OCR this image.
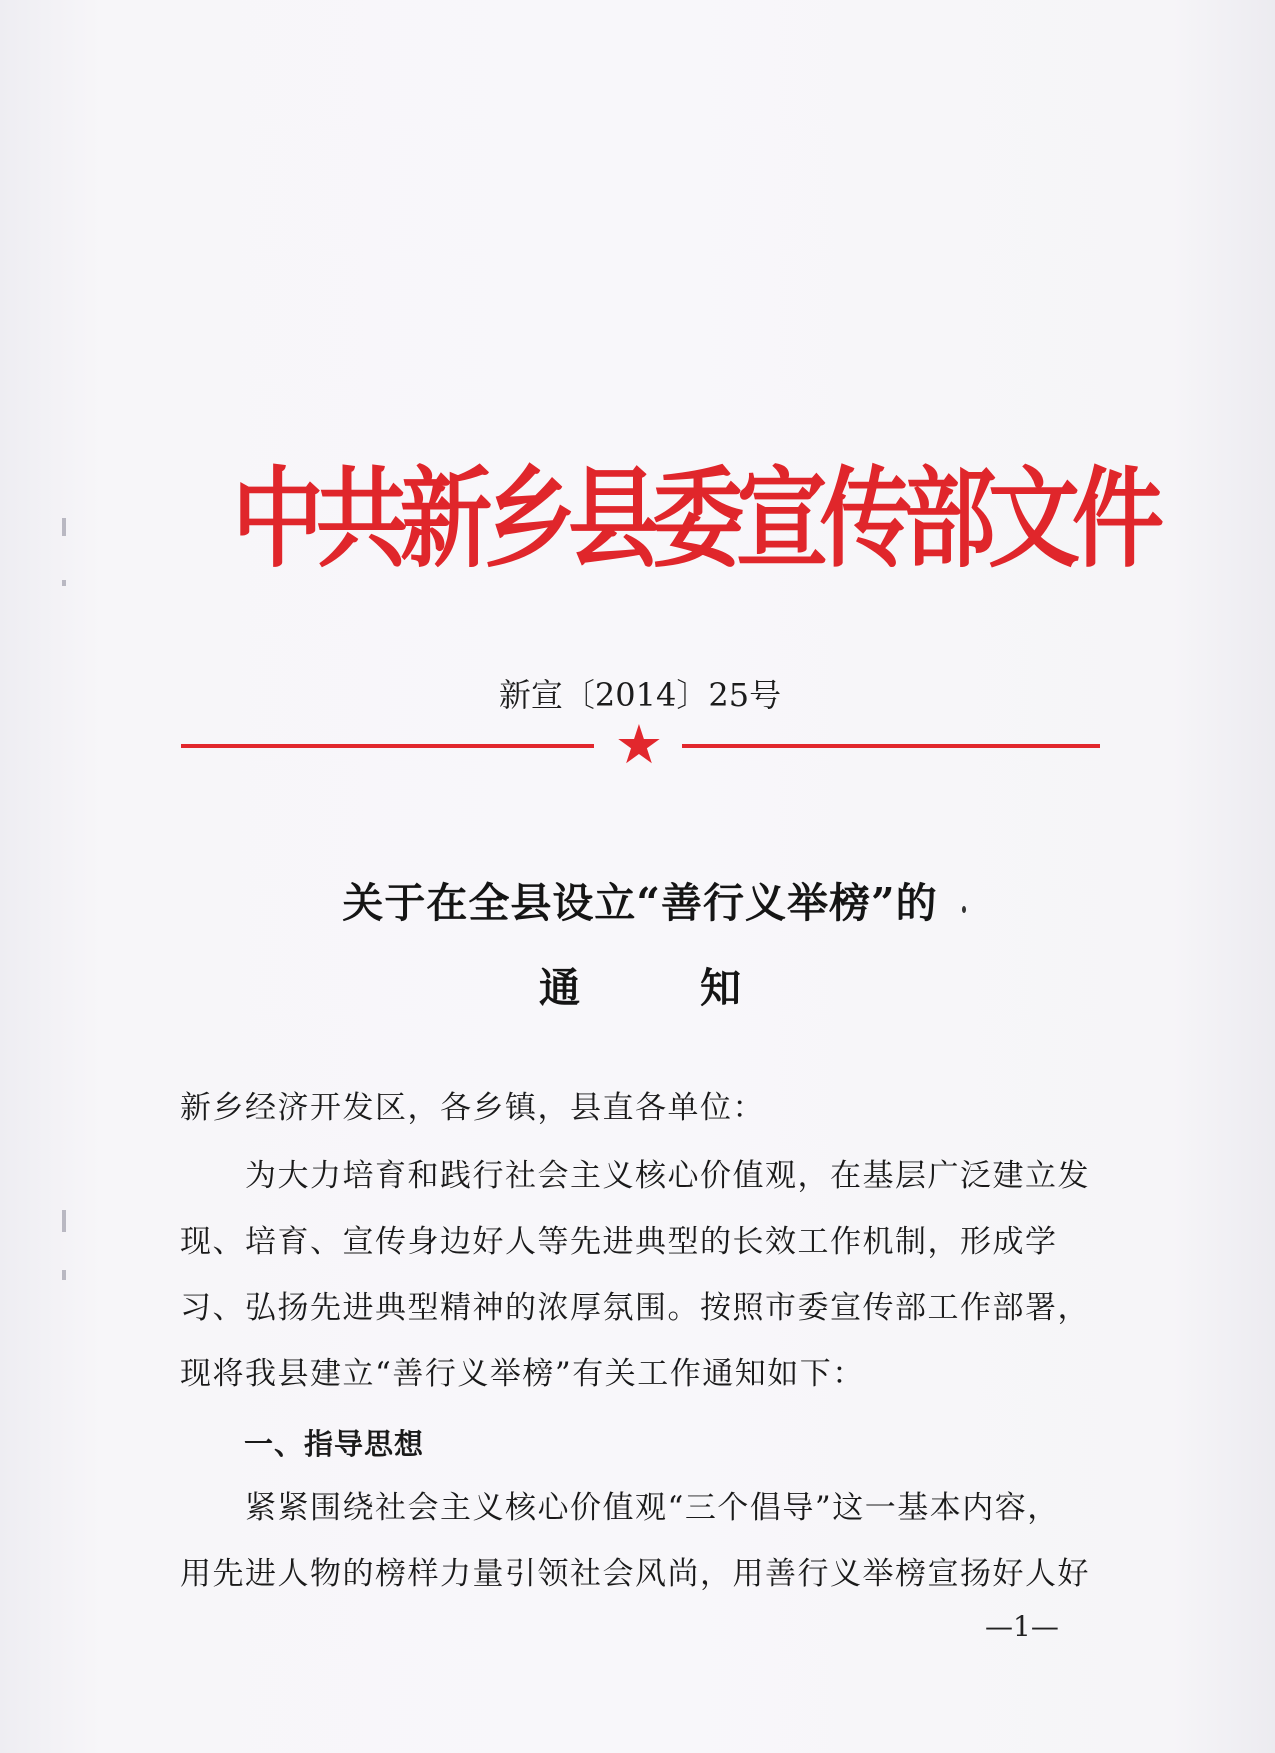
中共新乡县委宣传部文件
新宣〔2014〕25号
★
关于在全县设立“善行义举榜”的
通知
新乡经济开发区，各乡镇，县直各单位：
　　为大力培育和践行社会主义核心价值观，在基层广泛建立发
现、培育、宣传身边好人等先进典型的长效工作机制，形成学
习、弘扬先进典型精神的浓厚氛围。按照市委宣传部工作部署，
现将我县建立“善行义举榜”有关工作通知如下：
一、指导思想
　　紧紧围绕社会主义核心价值观“三个倡导”这一基本内容，
用先进人物的榜样力量引领社会风尚，用善行义举榜宣扬好人好
—1—
